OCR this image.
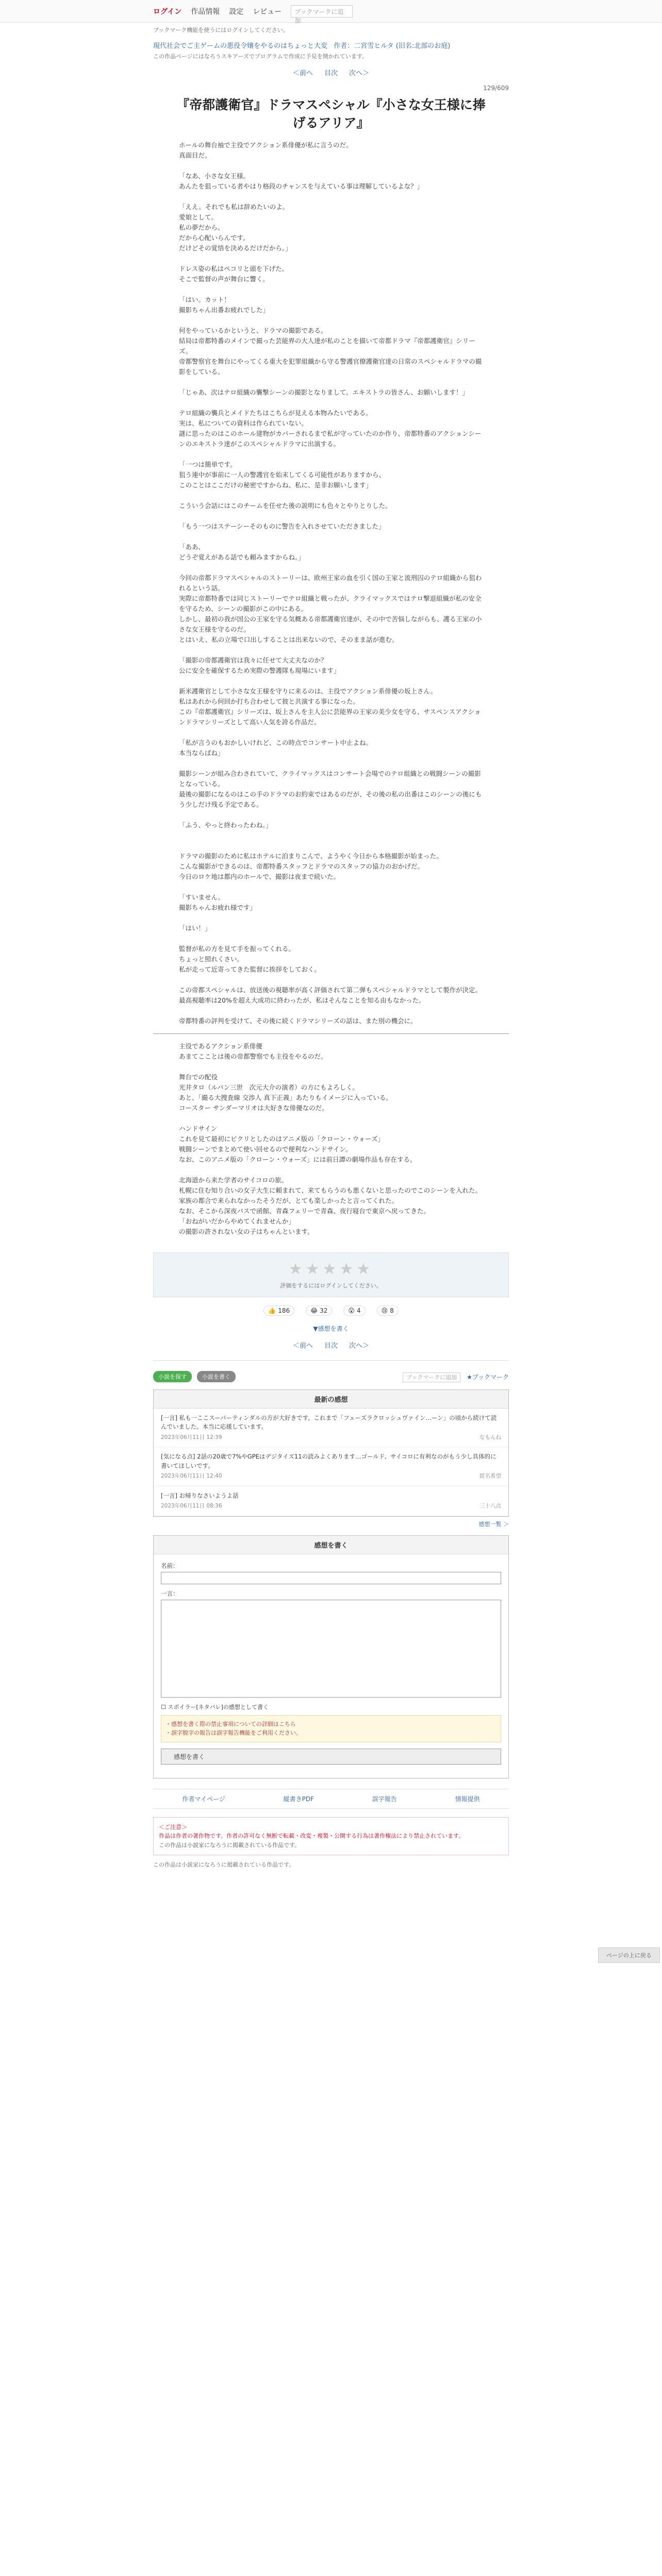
ログイン 作品情報 設定 レビュー	ブックマークに追加
ブックマーク機能を使うにはログインしてください。
現代社会でご主ゲームの悪役令嬢をやるのはちょっと大変 作者：二宮雪ヒルタ (旧名:北部のお庭)
この作品ページにはなろうスキアーズでプログラムで作成に予見を開かれています。
＜前へ 目次 次へ＞
129/609
『帝都護衛官』ドラマスペシャル『小さな女王様に捧げるアリア』

ホールの舞台袖で主役でアクション系俳優が私に言うのだ。

真面目だ。

「なあ、小さな女王様。

あんたを狙っている者やはり格段のチャンスを与えている事は理解しているよな？」

「ええ。それでも私は辞めたいのよ。

愛娘として。

私の夢だから。

だから心配いらんです。

だけどその覚悟を決めるだけだから。」

ドレス姿の私はペコリと頭を下げた。

そこで監督の声が舞台に響く。

「はい。カット！

撮影ちゃん出番お疲れでした」

何をやっているかというと、ドラマの撮影である。

結局は帝都特番のメインで撮った芸能界の大人達が私のことを描いて帝都ドラマ『帝都護衛官』シリーズ。

帝都警察官を舞台にやってくる重大を犯罪組織から守る警護官僚護衛官達の日常のスペシャルドラマの撮影をしている。

「じゃあ、次はテロ組織の襲撃シーンの撮影となりまして。エキストラの皆さん、お願いします！」

テロ組織の襲兵とメイドたちはこちらが見える本物みたいである。

実は、私についての資料は作られていない。

謎に思ったのはこのホール建物がカバーされるまで私が守っていたのか作り、帝都特番のアクションシーンのエキストラ達がこのスペシャルドラマに出演する。

「一つは簡単です。

狙う連中が事前に一人の警護官を始末してくる可能性がありますから、

このことはここだけの秘密ですからね、私に、是非お願いします」

こういう会話にはこのチームを任せた後の説明にも色々とやりとりした。

「もう一つはステーシーそのものに警告を入れさせていただきました」

「ああ、

どうぞ覚えがある話でも頼みますからね。」

今回の帝都ドラマスペシャルのストーリーは、欧州王家の血を引く国の王家と流刑囚のテロ組織から狙われるという話。

実際に帝都特番では同じストーリーでテロ組織と戦ったが、クライマックスではテロ撃退組織が私の安全を守るため、シーンの撮影がこの中にある。

しかし、最初の我が国公の王家を守る気概ある帝都護衛官達が、その中で苦悩しながらも、護る王家の小さな女王様を守るのだ。

とはいえ、私の立場で口出しすることは出来ないので、そのまま話が進む。

「撮影の帝都護衛官は我々に任せて大丈夫なのか？

公に安全を確保するため実際の警護隊も現場にいます」

新米護衛官として小さな女王様を守りに来るのは、主役でアクション系俳優の坂上さん。

私はあれから何回か打ち合わせして彼と共演する事になった。

この『帝都護衛官』シリーズは、坂上さんを主人公に芸能界の王家の美少女を守る、サスペンスアクションドラマシリーズとして高い人気を誇る作品だ。

「私が言うのもおかしいけれど、この時点でコンサート中止よね。

本当ならばね」

撮影シーンが組み合わされていて、クライマックスはコンサート会場でのテロ組織との戦闘シーンの撮影となっている。

最後の撮影になるのはこの手のドラマのお約束ではあるのだが、その後の私の出番はこのシーンの後にもう少しだけ残る予定である。

「ふう、やっと終わったわね。」

ドラマの撮影のために私はホテルに泊まりこんで、ようやく今日から本格撮影が始まった。

こんな撮影ができるのは、帝都特番スタッフとドラマのスタッフの協力のおかげだ。

今日のロケ地は都内のホールで、撮影は夜まで続いた。

「すいません。

撮影ちゃんお疲れ様です」

「はい！」

監督が私の方を見て手を振ってくれる。

ちょっと照れくさい。

私が走って近寄ってきた監督に挨拶をしておく。

この帝都スペシャルは、放送後の視聴率が高く評価されて第二弾もスペシャルドラマとして製作が決定。

最高視聴率は20%を超え大成功に終わったが、私はそんなことを知る由もなかった。

帝都特番の評判を受けて、その後に続くドラマシリーズの話は、また別の機会に。

主役であるアクション系俳優

あまてこことは後の帝都警察でも主役をやるのだ。

舞台での配役

光井タロ（ルパン三世　次元大介の演者）の方にもよろしく。

あと、「撮る大捜査線 交渉人 真下正義」あたりもイメージに入っている。

コースター サンダーマリオは大好きな俳優なのだ。

ハンドサイン

これを見て最初にピクリとしたのはアニメ版の「クローン・ウォーズ」

戦闘シーンでまとめて使い回せるので便利なハンドサイン。

なお、このアニメ版の「クローン・ウォーズ」には前日譚の劇場作品も存在する。

北海道から来た学者のサイコロの旅。

札幌に住む知り合いの女子大生に頼まれて、来てもらうのも悪くないと思ったのでこのシーンを入れた。

家族の都合で来られなかったそうだが、とても楽しかったと言ってくれた。

なお、そこから深夜バスで函館、青森フェリーで青森、夜行寝台で東京へ戻ってきた。

「おねがいだからやめてくれませんか」

の撮影の許されない女の子はちゃんといます。

★★★★★
評価をするにはログインしてください。
👍 186	😂 32	😮 4	😢 8
▼感想を書く
＜前へ 目次 次へ＞
小説を探す	小説を書く	ブックマークに追加 ★ブックマーク
最新の感想
[一言] 私も一ここスーパーティンダルの方が大好きです。これまで「フェーズラクロッシュヴァイン…ーン」の頃から続けて読んでいました。本当に応援しています。
2023年06月11日 12:39	なもんね
[気になる点] 2話の20歳で7%やGPEはデジタイズ11の読みよくあります…ゴールド、サイコロに有利なのがもう少し具体的に書いてほしいです。
2023年06月11日 12:40	匿名希望
[一言] お帰りなさいようよ話
2023年06月11日 08:36	三十八点
感想一覧 ＞
感想を書く
名前：
一言：
☐ スポイラー[ネタバレ]の感想として書く
・感想を書く際の禁止事項についての詳細はこちら
・誤字脱字の報告は誤字報告機能をご利用ください。
感想を書く
作者マイページ	縦書きPDF	誤字報告	情報提供
＜ご注意＞
作品は作者の著作物です。作者の許可なく無断で転載・改変・複製・公開する行為は著作権法により禁止されています。
この作品は小説家になろうに掲載されている作品です。
この作品は小説家になろうに掲載されている作品です。
ページの上に戻る
